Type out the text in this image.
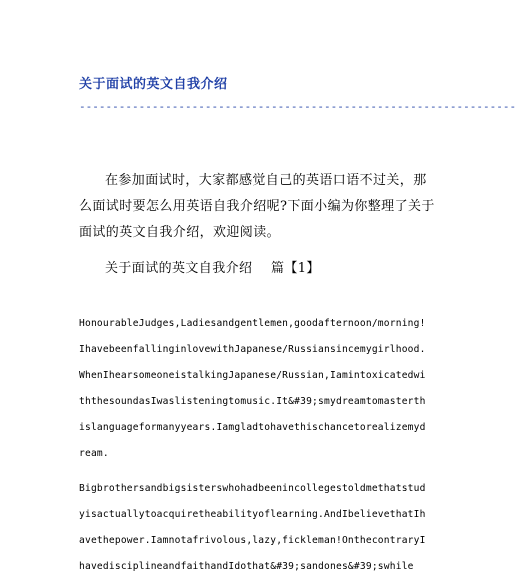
关于面试的英文自我介绍
------------------------------------------------------------------
在参加面试时，大家都感觉自己的英语口语不过关，那么面试时要怎么用英语自我介绍呢?下面小编为你整理了关于面试的英文自我介绍，欢迎阅读。
关于面试的英文自我介绍 篇【1】
HonourableJudges,Ladiesandgentlemen,goodafternoon/morning!IhavebeenfallinginlovewithJapanese/Russiansincemygirlhood.WhenIhearsomeoneistalkingJapanese/Russian,IamintoxicatedwiththesoundasIwaslisteningtomusic.It&#39;smydreamtomasterthislanguageformanyyears.Iamgladtohavethischancetorealizemydream.
Bigbrothersandbigsisterswhohadbeenincollegestoldmethatstudyisactuallytoacquiretheabilityoflearning.AndIbelievethatIhavethepower.Iamnotafrivolous,lazy,fickleman!OnthecontraryIhavedisciplineandfaithandIdothat&#39;sandones&#39;swhile
